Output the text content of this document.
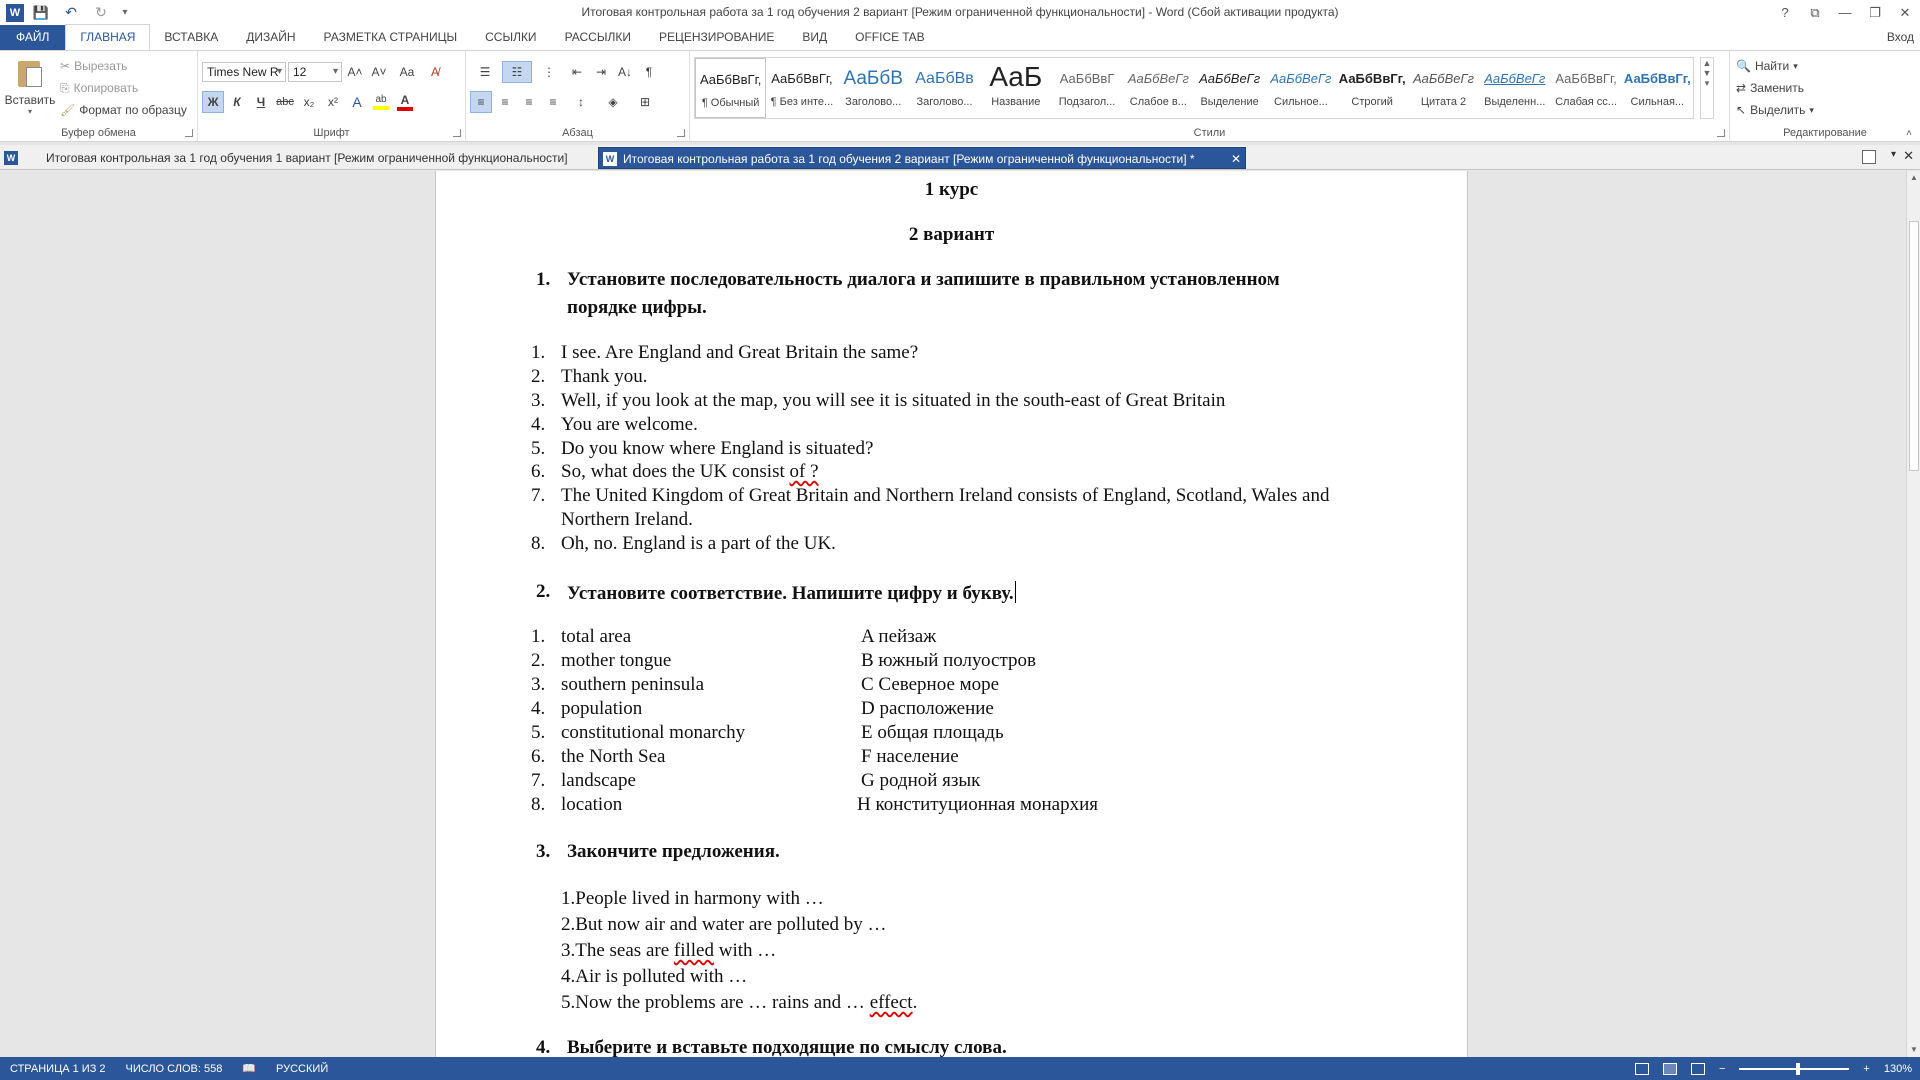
W 💾	↶	↻	▾	Итоговая контрольная работа за 1 год обучения 2 вариант [Режим ограниченной функциональности] - Word (Сбой активации продукта)	?	⧉	—	❐	✕
ФАЙЛ	ГЛАВНАЯ	ВСТАВКА	ДИЗАЙН	РАЗМЕТКА СТРАНИЦЫ	ССЫЛКИ	РАССЫЛКИ	РЕЦЕНЗИРОВАНИЕ	ВИД	OFFICE TAB	Вход
Вставить
▾
✂ Вырезать
⎘ Копировать
🖌 Формат по образцу
Буфер обмена
Times New R ▾	12 ▾	A˄ A˅	Aa	A̸
Ж	К	Ч abc x₂	x²	A	ab A
Шрифт
☰	☷	⋮	⇤	⇥ A↓	¶
≡	≡	≡	≡	↕	◈	⊞
Абзац	Стили
АаБбВвГг,
¶ Обычный
АаБбВвГг,
¶ Без инте...
АаБбВ
Заголово...
АаБбВв
Заголово...
АаБ
Название
АаБбВвГ
Подзагол...
АаБбВеГг
Слабое в...
АаБбВеГг
Выделение
АаБбВеГг
Сильное...
АаБбВвГг,
Строгий
АаБбВеГг
Цитата 2
АаБбВеГг
Выделенн...
АаБбВвГг,
Слабая сс...
АаБбВвГг,
Сильная...
▲
▼
▾
Редактирование
🔍 Найти ▾
⇄ Заменить
↖ Выделить ▾
˄
W	Итоговая контрольная за 1 год обучения 1 вариант [Режим ограниченной функциональности]	W Итоговая контрольная работа за 1 год обучения 2 вариант [Режим ограниченной функциональности] *	✕	▾ ✕
1 курс
2 вариант
1. Установите последовательность диалога и запишите в правильном установленном
порядке цифры.
1. I see. Are England and Great Britain the same?
2. Thank you.
3. Well, if you look at the map, you will see it is situated in the south-east of Great Britain
4. You are welcome.
5. Do you know where England is situated?
6. So, what does the UK consist of ?
7. The United Kingdom of Great Britain and Northern Ireland consists of England, Scotland, Wales and
Northern Ireland.
8. Oh, no. England is a part of the UK.
2. Установите соответствие. Напишите цифру и букву.
1. total area	A пейзаж
2. mother tongue	B южный полуостров
3. southern peninsula	C Северное море
4. population	D расположение
5. constitutional monarchy	E общая площадь
6. the North Sea	F население
7. landscape	G родной язык
8. location	H конституционная монархия
3. Закончите предложения.
1.People lived in harmony with …
2.But now air and water are polluted by …
3.The seas are filled with …
4.Air is polluted with …
5.Now the problems are … rains and … effect.
4. Выберите и вставьте подходящие по смыслу слова.
▲
▼
СТРАНИЦА 1 ИЗ 2	ЧИСЛО СЛОВ: 558	📖	РУССКИЙ	−	+ 130%
